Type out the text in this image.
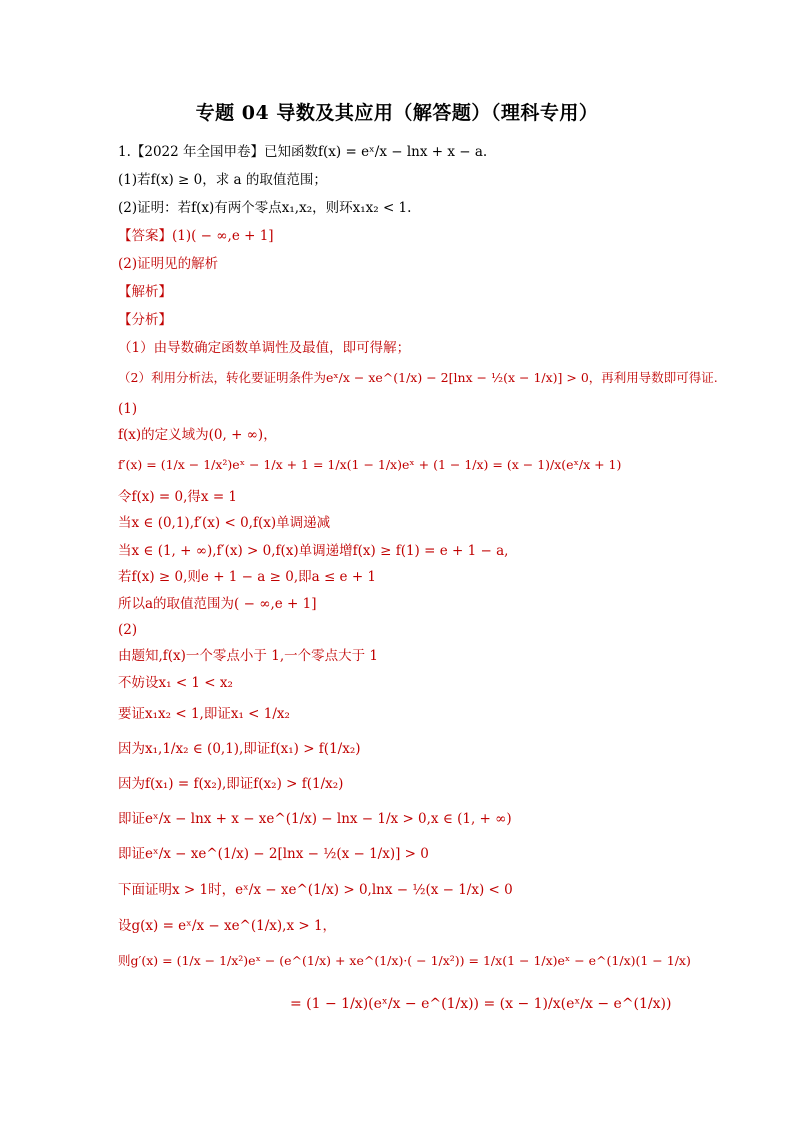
专题 04 导数及其应用（解答题）（理科专用）
1.【2022 年全国甲卷】已知函数f(x) = eˣ/x − lnx + x − a.
(1)若f(x) ≥ 0，求 a 的取值范围；
(2)证明：若f(x)有两个零点x₁,x₂，则环x₁x₂ < 1.
【答案】(1)( − ∞,e + 1]
(2)证明见的解析
【解析】
【分析】
（1）由导数确定函数单调性及最值，即可得解；
（2）利用分析法，转化要证明条件为eˣ/x − xe^(1/x) − 2[lnx − ½(x − 1/x)] > 0，再利用导数即可得证.
(1)
f(x)的定义域为(0, + ∞)，
f′(x) = (1/x − 1/x²)eˣ − 1/x + 1 = 1/x(1 − 1/x)eˣ + (1 − 1/x) = (x − 1)/x(eˣ/x + 1)
令f(x) = 0,得x = 1
当x ∈ (0,1),f′(x) < 0,f(x)单调递减
当x ∈ (1, + ∞),f′(x) > 0,f(x)单调递增f(x) ≥ f(1) = e + 1 − a,
若f(x) ≥ 0,则e + 1 − a ≥ 0,即a ≤ e + 1
所以a的取值范围为( − ∞,e + 1]
(2)
由题知,f(x)一个零点小于 1,一个零点大于 1
不妨设x₁ < 1 < x₂
要证x₁x₂ < 1,即证x₁ < 1/x₂
因为x₁,1/x₂ ∈ (0,1),即证f(x₁) > f(1/x₂)
因为f(x₁) = f(x₂),即证f(x₂) > f(1/x₂)
即证eˣ/x − lnx + x − xe^(1/x) − lnx − 1/x > 0,x ∈ (1, + ∞)
即证eˣ/x − xe^(1/x) − 2[lnx − ½(x − 1/x)] > 0
下面证明x > 1时，eˣ/x − xe^(1/x) > 0,lnx − ½(x − 1/x) < 0
设g(x) = eˣ/x − xe^(1/x),x > 1，
则g′(x) = (1/x − 1/x²)eˣ − (e^(1/x) + xe^(1/x)·( − 1/x²)) = 1/x(1 − 1/x)eˣ − e^(1/x)(1 − 1/x)
= (1 − 1/x)(eˣ/x − e^(1/x)) = (x − 1)/x(eˣ/x − e^(1/x))
